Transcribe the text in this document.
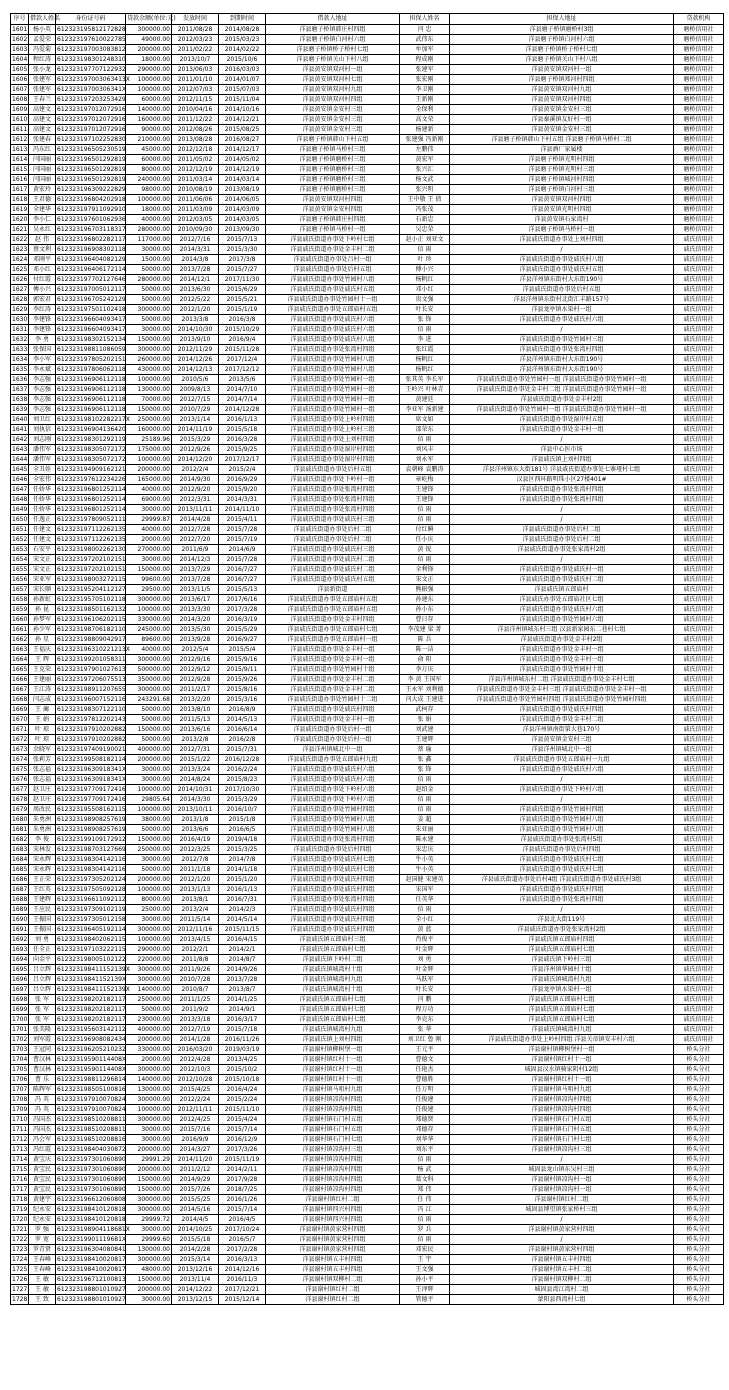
序号	借款人姓名	身份证号码	贷款余额(单位:元)	发放时间	到期时间	借款人地址	担保人姓名	担保人地址	贷款机构
1601	杨小英	612323195812172828	300000.00	2011/08/28	2014/08/28	洋县磨子桥镇韩庄村四组	闫 忠	洋县磨子桥镇磨桥村3组	磨桥信用社
1602	孟爱荣	612323197610022785	49000.00	2012/03/23	2015/03/23	洋县磨子桥镇白河村六组	武伟东	洋县磨子桥镇白河村六组	磨桥信用社
1603	冯爱菊	612323197003083812	200000.00	2011/02/22	2014/02/22	洋县磨子桥镇桥子桥村七组	牟加军	洋县磨子桥镇桥子桥村七组	磨桥信用社
1604	程红涛	612323198301248310	18000.00	2013/10/7	2015/10/6	洋县磨子桥镇关山下村八组	程成刚	洋县磨子桥镇关山下村八组	磨桥信用社
1605	张小龙	612323197707122932	290000.00	2013/06/03	2016/03/03	洋县黄安镇双河村一组	张建军	洋县黄安镇双河村一组	磨桥信用社
1606	张建军	612323197003063413X	100000.00	2011/01/10	2014/01/07	洋县黄安镇双河村七组	张宏刚	洋县磨子桥镇郑河村四组	磨桥信用社
1607	张建军	61232319700306341X	100000.00	2012/07/03	2015/07/03	洋县黄安镇双河村九组	李卫刚	洋县黄安镇双河村九组	磨桥信用社
1608	王春兰	612323197203253429	60000.00	2012/11/15	2015/11/04	洋县黄安镇双河村四组	王新刚	洋县黄安镇双河村四组	磨桥信用社
1609	高建文	612323197012072916	140000.00	2010/04/16	2014/10/16	洋县黄安镇金安村三组	全保利	洋县黄安镇金安村三组	磨桥信用社
1610	高建文	612323197012072916	160000.00	2011/12/22	2014/12/21	洋县黄安镇金安村三组	高文荣	洋县秦溪镇友好村一组	磨桥信用社
1611	高建文	612323197012072916	90000.00	2012/08/26	2015/08/25	洋县黄安镇金安村三组	杨建新	洋县黄安镇金安村三组	磨桥信用社
1612	张建春	612323197102252830	210000.00	2013/08/28	2016/08/27	洋县磨子桥镇韩山下村五组	张建强 冯新刚	洋县磨子桥镇韩山下村五组 洋县磨子桥镇马桥村二组	磨桥信用社
1613	冯东红	612323196505230519	45000.00	2012/12/18	2014/12/17	洋县磨子桥镇马桥村三组	左鹏伟	洋县酒厂家属楼	磨桥信用社
1614	闫国丽	612323196501292819	60000.00	2011/05/02	2014/05/02	洋县磨子桥镇磨桥村三组	黄宏军	洋县磨子桥镇光明村四组	磨桥信用社
1615	闫国丽	612323196501292819	80000.00	2012/12/19	2014/12/19	洋县磨子桥镇磨桥村三组	张兴汇	洋县磨子桥镇光明村三组	磨桥信用社
1616	闫国丽	612323196501292819	240000.00	2011/03/14	2014/03/14	洋县磨子桥镇磨桥村三组	杨文武	洋县磨子桥镇城河村四组	磨桥信用社
1617	黄宏玲	612323196309222829	98000.00	2010/08/19	2013/08/19	洋县磨子桥镇磨桥村三组	张兴明	洋县磨子桥镇白河村三组	磨桥信用社
1618	王君德	612323196804202918	100000.00	2011/06/06	2014/06/05	洋县黄安镇双河村四组	王中敬 王 倩	洋县黄安镇双河村四组	磨桥信用社
1619	全建华	612323197911092910	18000.00	2011/03/09	2014/03/09	洋县黄安镇金安村四组	冯张茂	洋县黄安镇光明村四组	磨桥信用社
1620	李小仁	612323197601062936	40000.00	2012/03/05	2014/03/05	洋县磨子桥镇韩庄村四组	石新忠	洋县黄安镇石家湾村	磨桥信用社
1621	吴永红	612323196703118317	280000.00	2010/09/30	2013/09/30	洋县磨子桥镇马桥村一组	吴忠荣	洋县磨子桥镇马桥村一组	磨桥信用社
1622	赵 伟	612323196802282117	117000.00	2012/7/16	2015/7/13	洋县戚氏街道办事处下岭村七组	赵小正 刘亚文	洋县戚氏街道办事处上刘村四组	戚氏信用社
1623	蔡文利	612323196908302118	30000.00	2014/3/31	2015/3/30	洋县戚氏街道办事处金丰村二组	佰 雨	/	戚氏信用社
1624	邓刚平	612323196404082129	15000.00	2014/3/8	2017/3/8	洋县戚氏街道办事处吕村一组	叶 珍	洋县戚氏街道办事处戚氏村八组	戚氏信用社
1625	邓小红	612323196406172114	50000.00	2013/7/28	2015/7/27	洋县戚氏街道办事处后村五组	傅小兴	洋县戚氏街道办事处戚氏村五组	戚氏信用社
1626	付红霞	612323197702127646	280000.00	2014/12/1	2017/11/30	洋县戚氏街道办事处竹园村八组	杨帆红	洋县洋州镇东街村大东街190号	戚氏信用社
1627	傅小兴	612323197005012117	50000.00	2013/6/30	2015/6/29	洋县戚氏街道办事处戚氏村五组	邓小红	洋县戚氏街道办事处后村五组	戚氏信用社
1628	郭宏君	612323196705242129	50000.00	2012/5/22	2015/5/21	洋县戚氏街道办事处竹园村十一组	贵文强	洋县洋州镇东街村北街汇丰路157号	戚氏信用社
1629	李红涛	612323197501102418	300000.00	2012/1/20	2015/1/19	洋县戚氏街道办事处五郎庙村五组	叶长安	洋县龙亭镇水渠村一组	戚氏信用社
1630	李建锋	612323196604093417	50000.00	2013/3/8	2016/3/8	洋县戚氏街道办事处戚氏村六组	张 锋	洋县戚氏街道办事处戚氏村六组	戚氏信用社
1631	李建锋	612323196604093417	30000.00	2014/10/30	2015/10/29	洋县戚氏街道办事处戚氏村六组	佰 雨	/	戚氏信用社
1632	李 勇	612323198302152134	150000.00	2013/9/10	2016/9/4	洋县戚氏街道办事处戚氏村八组	李 进	洋县戚氏街道办事处竹园村三组	戚氏信用社
1633	张保国	612323198811086059	300000.00	2012/11/29	2015/11/28	洋县戚氏街道办事处张湾村四组	张红霞	洋县戚氏街道办事处张湾村四组	戚氏信用社
1634	李小军	612323197805202151	260000.00	2014/12/26	2017/12/4	洋县戚氏街道办事处竹园村八组	杨帆红	洋县洋州镇东街村大东街190号	戚氏信用社
1635	李永斌	612323197806062118	430000.00	2014/12/13	2017/12/12	洋县戚氏街道办事处竹园村八组	杨帆红	洋县洋州镇东街村大东街190号	戚氏信用社
1636	李志强	612323196906112118	100000.00	2010/5/6	2013/5/6	洋县戚氏街道办事处竹园村一组	张其英 李长军	洋县戚氏街道办事处竹园村一组 洋县戚氏街道办事处竹园村一组	戚氏信用社
1637	李志强	612323196906112118	130000.00	2009/8/13	2014/7/10	洋县戚氏街道办事处竹园村一组	王岭兴 叶林青	洋县戚氏街道办事处金丰村二组 洋县戚氏街道办事处竹园村一组	戚氏信用社
1638	李志强	612323196906112118	70000.00	2012/7/15	2014/7/14	洋县戚氏街道办事处竹园村一组	黄建廷	洋县戚氏街道办事处金丰村2组	戚氏信用社
1639	李志强	612323196906112118	150000.00	2010/7/29	2014/12/28	洋县戚氏街道办事处竹园村一组	李亚军 汤新建	洋县戚氏街道办事处竹园村一组 洋县戚氏街道办事处竹园村一组	戚氏信用社
1640	刘卫红	612323198102282217X	250000.00	2013/1/14	2016/1/13	洋县戚氏街道办事处上岭村四组	席文如	洋县戚氏街道办事处湿岸村五组	戚氏信用社
1641	刘执信	612323196904136420	160000.00	2014/11/19	2015/5/18	洋县戚氏街道办事处上岭村三组	邵荣东	洋县戚氏街道办事处金丰村一组	戚氏信用社
1642	刘志刚	612323198301292119	25189.96	2015/3/29	2016/3/28	洋县戚氏街道办事处上刘村四组	佰 雨	/	戚氏信用社
1643	潘伟军	612323198305072172	175000.00	2012/9/26	2015/9/25	洋县戚氏街道办事处湿岸村四组	刘风丰	洋县中心医市场	戚氏信用社
1644	潘伟军	612323198305072172	100000.00	2014/12/20	2017/12/17	洋县戚氏街道办事处湿岸村四组	刘永军	洋县戚氏镇上刘村四组	戚氏信用社
1645	全丑娃	612323194909162121	200000.00	2012/2/4	2015/2/4	洋县戚氏街道办事处后村五组	袁朝峰 袁鹏涛	洋县洋州镇东大街181号 洋县戚氏街道办事处七寨垭村七组	戚氏信用社
1646	全宏伟	612323197612234226	165000.00	2014/9/30	2016/9/29	洋县戚氏街道办事处下岭村一组	章屹梅	汉县区西环路明珠小区27楼401#	戚氏信用社
1647	任娇华	612323196801252114	40000.00	2012/9/20	2015/9/20	洋县戚氏街道办事处张湾村四组	王建锋	洋县戚氏街道办事处张湾村四组	戚氏信用社
1648	任娇华	612323196801252114	69000.00	2012/3/31	2014/3/31	洋县戚氏街道办事处张湾村四组	王建锋	洋县戚氏街道办事处张湾村四组	戚氏信用社
1649	任娇华	612323196801252114	30000.00	2013/11/11	2014/11/10	洋县戚氏街道办事处张湾村四组	佰 雨	/	戚氏信用社
1650	任逸正	612323197809052111	29999.87	2014/4/28	2015/4/11	洋县戚氏街道办事处戚氏村三组	佰 雨	/	戚氏信用社
1651	任建文	612323197112262135	40000.00	2012/7/28	2015/7/28	洋县戚氏街道办事处后村二组	付红瞬	洋县戚氏街道办事处后村二组	戚氏信用社
1652	任建文	612323197112262135	20000.00	2012/7/20	2015/7/19	洋县戚氏街道办事处后村二组	任小庆	洋县戚氏街道办事处后村二组	戚氏信用社
1653	石安平	612323198002262130	270000.00	2011/6/9	2014/6/9	洋县戚氏街道办事处戚氏村三组	黄 锐	洋县戚氏街道办事处张家湾村2组	戚氏信用社
1654	宋文正	612323197202102151	30000.00	2014/12/3	2015/7/28	洋县戚氏街道办事处戚氏村二组	佰 雨	/	戚氏信用社
1655	宋文正	612323197202102151	150000.00	2013/7/29	2016/7/27	洋县戚氏街道办事处戚氏村二组	全利锋	洋县戚氏街道办事处戚氏村一组	戚氏信用社
1656	宋亚军	612323198003272115	99600.00	2013/7/28	2016/7/27	洋县戚氏街道办事处戚氏村五组	宋文正	洋县戚氏街道办事处戚氏村二组	戚氏信用社
1657	宋长顺	612323195204112127	29500.00	2013/11/5	2015/5/13	洋县新街道	熊振强	洋县戚氏镇五郎庙村	戚氏信用社
1658	孙新虹	612323195705102118	300000.00	2013/6/17	2017/6/16	洋县戚氏街道办事处五郎庙村五组	孙建东	洋县戚氏办事处五郎庙社区七组	戚氏信用社
1659	孙 昆	612323198501162132	100000.00	2013/3/30	2017/3/28	洋县戚氏街道办事处五郎庙村五组	孙小东	洋县戚氏街道办事处戚氏村六组	戚氏信用社
1660	孙梦军	612323196106202115	330000.00	2014/3/20	2016/3/19	洋县戚氏街道办事处金丰村四组	曹日存	洋县戚氏街道办事处竹园村六组	戚氏信用社
1661	孙少军	612323198706182110	245000.00	2013/5/30	2015/5/29	洋县戚氏街道办事处五郎庙村七组	李茂建 梁 菁	洋县洋州镇城东村三组 汉县新家园东二巷村七组	戚氏信用社
1662	孙 星	612323198809042917	89600.00	2013/9/28	2016/9/27	洋县戚氏街道办事处五郎庙村一组	陈 兵	洋县戚氏街道办事处金丰村2组	戚氏信用社
1663	王福庆	612323196310221213X	40000.00	2012/5/4	2015/5/4	洋县戚氏街道办事处金丰村一组	陈一洁	洋县戚氏街道办事处金丰村一组	戚氏信用社
1664	王 辉	612323199201058311	300000.00	2012/9/16	2015/9/16	洋县戚氏街道办事处金丰村一组	俞 阳	洋县戚氏街道办事处金丰村一组	戚氏信用社
1665	王克荣	612323197901027613	500000.00	2012/9/12	2015/9/11	洋县戚氏街道办事处竹园村十组	李万庆	洋县戚氏街道办事处竹园村十组	戚氏信用社
1666	王建丽	612323197206075513	350000.00	2012/9/28	2015/9/26	洋县戚氏街道办事处金丰村二组	李 黄 王国军	洋县洋州镇城东村二组 洋县戚氏街道办事处金丰村七组	戚氏信用社
1667	王江涛	612323198911207655	300000.00	2011/2/17	2015/8/16	洋县戚氏街道办事处金丰村二组	王永军 刘利德	洋县戚氏街道办事处金丰村三组 洋县戚氏街道办事处金丰村一组	戚氏信用社
1668	闫志成	612323196007152116	243291.68	2013/2/20	2015/3/16	洋县戚氏街道办事处竹园村十二组	闫大成 王建进	洋县戚氏街道办事处竹园村四组 洋县戚氏街道办事处竹园村四组	戚氏信用社
1669	王 蔺	612323198307122110	50000.00	2013/8/10	2016/8/9	洋县戚氏街道办事处戚氏村四组	武柯存	洋县戚氏街道办事处戚氏村四组	戚氏信用社
1670	王 娟	612323197812202143	50000.00	2011/5/13	2014/5/13	洋县戚氏街道办事处金丰村一组	张 娟	洋县戚氏街道办事处金丰村二组	戚氏信用社
1671	叶 琼	612323197910202882	150000.00	2013/6/16	2016/6/14	洋县戚氏街道办事处后村一组	刘武建	洋县洋州镇南街第大巷170号	戚氏信用社
1672	叶 琼	612323197910202882	50000.00	2013/2/8	2016/2/8	洋县戚氏街道办事处后村一组	王建辉	洋县黄安镇金安村三组	戚氏信用社
1673	余晓军	612323197409190021	400000.00	2012/7/31	2015/7/31	洋县洋州镇城北中一组	蔡 瑜	洋县洋州镇城北中一组	戚氏信用社
1674	张莉芳	612323199508182114	200000.00	2015/1/22	2016/12/28	洋县戚氏街道办事处五郎庙村九组	张 鑫	洋县戚氏街道办事处五郎庙村一九组	戚氏信用社
1675	张志福	61232319630918341X	30000.00	2013/3/24	2016/2/24	洋县戚氏街道办事处戚氏村六组	张 锋	洋县戚氏街道办事处戚氏村六组	戚氏信用社
1676	张志福	61232319630918341X	30000.00	2014/8/24	2015/8/23	洋县戚氏街道办事处戚氏村六组	佰 雨	/	戚氏信用社
1677	赵卫庄	612323197709172416	100000.00	2014/10/31	2017/10/30	洋县戚氏街道办事处下岭村六组	赵绍金	洋县戚氏街道办事处下岭村六组	戚氏信用社
1678	赵卫庄	612323197709172416	29805.64	2014/3/30	2015/3/29	洋县戚氏街道办事处下岭村六组	佰 雨	/	戚氏信用社
1679	周改民	612323195508162115	100000.00	2013/10/11	2016/10/7	洋县戚氏街道办事处竹园村四组	佰 雨	洋县戚氏街道办事处竹园村四组	戚氏信用社
1680	朱勇洲	612323198908257619	38000.00	2013/1/8	2015/1/8	洋县戚氏街道办事处竹园村八组	姜 超	洋县戚氏街道办事处竹园村八组	戚氏信用社
1681	朱勇洲	612323198908257619	50000.00	2013/6/6	2016/6/5	洋县戚氏街道办事处竹园村八组	朱亚丽	洋县戚氏街道办事处竹园村八组	戚氏信用社
1682	李 俊	612323199109172912	150000.00	2016/4/19	2019/4/18	洋县戚氏街道办事处张湾村四组	陈永建	洋县戚氏街道办事处张湾村5组	戚氏信用社
1683	宋林发	612323198703127669	250000.00	2012/3/25	2015/3/25	洋县戚氏街道办事处后村四组	宋忠庆	洋县戚氏街道办事处后村四组	戚氏信用社
1684	宋永辉	612323198304142116	30000.00	2012/7/8	2014/7/8	洋县戚氏街道办事处戚氏村七组	牛小英	洋县戚氏街道办事处戚氏村七组	戚氏信用社
1685	宋永辉	612323198304142116	50000.00	2011/1/18	2014/1/18	洋县戚氏街道办事处戚氏村七组	牛小英	洋县戚氏街道办事处戚氏村七组	戚氏信用社
1686	王正荣	612323197305202124	200000.00	2012/1/20	2015/1/20	洋县戚氏街道办事处戚氏村四组	赵国健 宋建英	洋县戚氏街道办事处后村4组 洋县戚氏街道办事处戚氏村3组	戚氏信用社
1687	王红英	612323197505092128	100000.00	2013/1/13	2016/1/13	洋县戚氏街道办事处戚氏村四组	宋国军	洋县戚氏街道办事处戚氏村四组	戚氏信用社
1688	王建辉	612323196611092112	80000.00	2013/8/1	2016/7/31	洋县戚氏街道办事处张湾村四组	任英华	洋县戚氏街道办事处张湾村四组	戚氏信用社
1689	王应民	612323197309102119	25000.00	2013/2/4	2014/2/3	洋县戚氏街道办事处戚氏村四组	佰 雨	/	戚氏信用社
1690	王振国	612323197305012158	30000.00	2011/5/14	2014/5/14	洋县戚氏街道办事处戚氏村四组	全小红	洋县北大街119号	戚氏信用社
1691	王振国	612323196405192114	300000.00	2012/11/16	2015/11/15	洋县戚氏街道办事处戚氏村四组	黄 蓝	洋县戚氏街道办事处张家湾村2组	戚氏信用社
1692	刘 勇	612323198402062115	100000.00	2013/4/15	2016/4/15	洋县戚氏镇五郎庙村三组	肖俊平	洋县戚氏镇五郎庙村四组	戚氏信用社
1693	任全正	612323197103222115	290000.00	2012/2/1	2014/2/1	洋县戚氏镇五郎庙村七组	叶金辉	洋县戚氏镇五郎庙村七组	戚氏信用社
1694	向金平	612323198005102122	220000.00	2011/8/8	2014/8/7	洋县戚氏镇下岭村二组	刘 勇	洋县戚氏镇下岭村三组	戚氏信用社
1695	吕立辉	612323198411152139X	300000.00	2011/9/26	2014/9/26	洋县戚氏镇城湾村十组	叶金辉	洋县洋州镇华园村十组	戚氏信用社
1696	吕立辉	61232319841152139X	300000.00	2010/7/28	2013/7/28	洋县戚氏镇城湾村九组	马跃军	洋县戚氏镇城湾村九组	戚氏信用社
1697	吕立辉	612323198411152139X	140000.00	2010/8/7	2013/8/7	洋县戚氏镇城湾村十组	叶长安	洋县龙亭镇水渠村一组	戚氏信用社
1698	张 军	612323198202182117	250000.00	2011/1/25	2014/1/25	洋县戚氏镇五郎庙村七组	闫 鹏	洋县戚氏镇五郎庙村七组	戚氏信用社
1699	张 军	612323198202182117	50000.00	2011/9/2	2014/9/1	洋县戚氏镇五郎庙村七组	程万功	洋县戚氏镇五郎庙村七组	戚氏信用社
1700	张 军	612323198202182117	230000.00	2013/3/18	2016/3/17	洋县戚氏镇五郎庙村七组	李克东	洋县戚氏镇五郎庙村七组	戚氏信用社
1701	张美隆	612323195603142112	400000.00	2012/7/19	2015/7/18	洋县戚氏镇城湾村九组	张 华	洋县戚氏镇城湾村九组	戚氏信用社
1702	刘军霞	612323196908082434	200000.00	2014/1/28	2016/11/26	洋县戚氏镇上刘村四组	刘卫红 鲁 刚	洋县戚氏街道办事处上岭村四组 洋县关帝镇安丰村六组	戚氏信用社
1703	王冠同	612323196205210232	330000.00	2016/03/20	2019/03/19	洋县谢村镇柳树堡一组	王元平	洋县谢村镇柳树堡村一组	桥头分社
1704	曹汉林	61232319590114408X	20000.00	2012/4/28	2013/4/25	洋县谢村镇红村十一组	曹德文	洋县谢村镇红村十一组	桥头分社
1705	曹汉林	61232319590114408X	300000.00	2012/10/3	2015/10/2	洋县谢村镇红村十一组	任艳杰	城固县汉水镇骑家阴村12组	桥头分社
1706	曹 乐	612323198811296814	140000.00	2012/10/28	2015/10/18	洋县谢村镇红村十一组	曹德胜	洋县谢村镇红村十一组	桥头分社
1707	陈辉军	612323198505100816	130000.00	2015/4/25	2016/4/24	洋县谢村镇马咀村九组	任万明	洋县谢村镇马咀村九组	桥头分社
1708	冯 英	612323197910070824	300000.00	2012/2/24	2015/2/24	洋县谢村镇凉沟村四组	任俊建	洋县谢村镇凉沟村四组	桥头分社
1709	冯 英	612323197910070824	100000.00	2012/11/11	2015/11/10	洋县谢村镇凉沟村四组	任俊建	洋县谢村镇凉沟村四组	桥头分社
1710	冯国杰	612323198510208811	300000.00	2012/4/25	2015/4/24	洋县谢村镇石门村五组	郑德贤	洋县谢村镇石门村五组	桥头分社
1711	冯国杰	612323198510208811	30000.00	2015/7/16	2015/7/14	洋县谢村镇石门村五组	邓德存	洋县谢村镇石门村五组	桥头分社
1712	冯会军	612323198510208816	30000.00	2016/9/9	2016/12/9	洋县谢村镇石门村七组	刘华华	洋县谢村镇石门村七组	桥头分社
1713	冯红霞	612323198404030872	200000.00	2014/3/27	2017/3/26	洋县谢村镇凉沟村三组	刘东平	洋县谢村镇凉沟村三组	桥头分社
1714	黄宝庆	612323197301060890	29991.29	2014/11/20	2015/11/19	洋县谢村镇凉沟村四组	佰 雨	/	桥头分社
1715	黄宝民	612323197301060890	200000.00	2011/2/12	2014/2/11	洋县谢村镇凉沟村四组	杨 武	城固县龙山镇东吴村三组	桥头分社
1716	黄宝民	612323197301060890	150000.00	2014/9/29	2017/9/28	洋县谢村镇凉沟村四组	葛文科	洋县谢村镇凉沟村一组	桥头分社
1717	黄宝民	612323197301060890	150000.00	2015/7/26	2018/7/25	洋县谢村镇凉沟村四组	郑 伟	洋县谢村镇凉沟村一组	桥头分社
1718	黄建宇	612323196612060808	300000.00	2015/5/25	2016/1/26	洋县谢村镇红村二组	任 伟	洋县谢村镇红村二组	桥头分社
1719	纪永安	612323198410120818	300000.00	2014/5/16	2015/7/14	洋县谢村镇四兴村四组	冯 江	城固县博望镇张家桥村三组	桥头分社
1720	纪永安	612323198410120818	29999.72	2014/4/5	2016/4/5	洋县谢村镇四兴村四组	佰 雨	/	桥头分社
1721	罗 强	612323198904118681X	30000.00	2014/10/25	2017/10/24	洋县谢村镇黄家营村四组	罗 兵	洋县谢村镇黄家营村四组	桥头分社
1722	罗 宽	61232319901119681X	29999.60	2015/5/18	2016/5/7	洋县谢村镇黄家营村四组	佰 雨	/	桥头分社
1723	罗青贤	612323196304080841	130000.00	2014/2/28	2017/2/28	洋县谢村镇黄家营村四组	邓宏民	洋县谢村镇黄家营村四组	桥头分社
1724	王春峰	612323198410020817	300000.00	2015/3/14	2016/3/13	洋县谢村镇五丰村四组	王 宇	洋县谢村镇五丰村四组	桥头分社
1725	王春峰	612323198410020817	48000.00	2013/12/16	2014/12/16	洋县谢村镇五丰村四组	王文强	洋县谢村镇五丰村二组	桥头分社
1726	王 敏	612323196712100813	150000.00	2013/11/4	2016/11/3	洋县谢村镇双柳村二组	孙小平	洋县谢村镇双柳村二组	桥头分社
1727	王 敏	612323198801010927	200000.00	2014/12/22	2017/12/21	洋县谢村镇红村二组	王泽辉	城固县湾江湾村二组	桥头分社
1728	王 致	612323198801010927	30000.00	2013/12/15	2015/12/14	洋县谢村镇红村二组	管德平	蒙阳县西湾村七组	桥头分社
